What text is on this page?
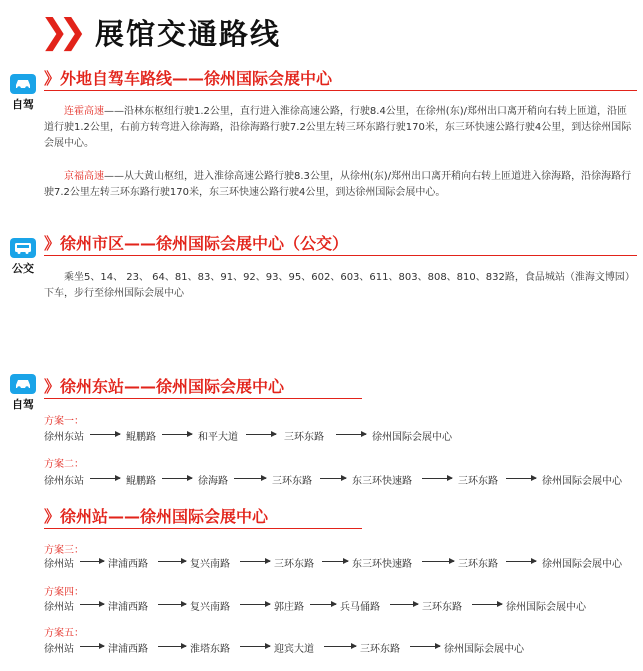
❯❯ 展馆交通路线
自驾
》外地自驾车路线——徐州国际会展中心
连霍高速——沿林东枢纽行驶1.2公里，直行进入淮徐高速公路，行驶8.4公里，在徐州(东)/郑州出口离开稍向右转上匝道，沿匝道行驶1.2公里，右前方转弯进入徐海路，沿徐海路行驶7.2公里左转三环东路行驶170米，东三环快速公路行驶4公里，到达徐州国际会展中心。
京福高速——从大黄山枢纽，进入淮徐高速公路行驶8.3公里，从徐州(东)/郑州出口离开稍向右转上匝道进入徐海路，沿徐海路行驶7.2公里左转三环东路行驶170米，东三环快速公路行驶4公里，到达徐州国际会展中心。
公交
》徐州市区——徐州国际会展中心（公交）
乘坐5、14、 23、 64、81、83、91、92、93、95、602、603、611、803、808、810、832路，食品城站（淮海文博园）下车，步行至徐州国际会展中心
自驾
》徐州东站——徐州国际会展中心
方案一：
徐州东站	鲲鹏路	和平大道	三环东路	徐州国际会展中心
方案二：
徐州东站	鲲鹏路	徐海路	三环东路	东三环快速路	三环东路	徐州国际会展中心
》徐州站——徐州国际会展中心
方案三：
徐州站	津浦西路	复兴南路	三环东路	东三环快速路	三环东路	徐州国际会展中心
方案四：
徐州站	津浦西路	复兴南路	郭庄路	兵马俑路	三环东路	徐州国际会展中心
方案五：
徐州站	津浦西路	淮塔东路	迎宾大道	三环东路	徐州国际会展中心
